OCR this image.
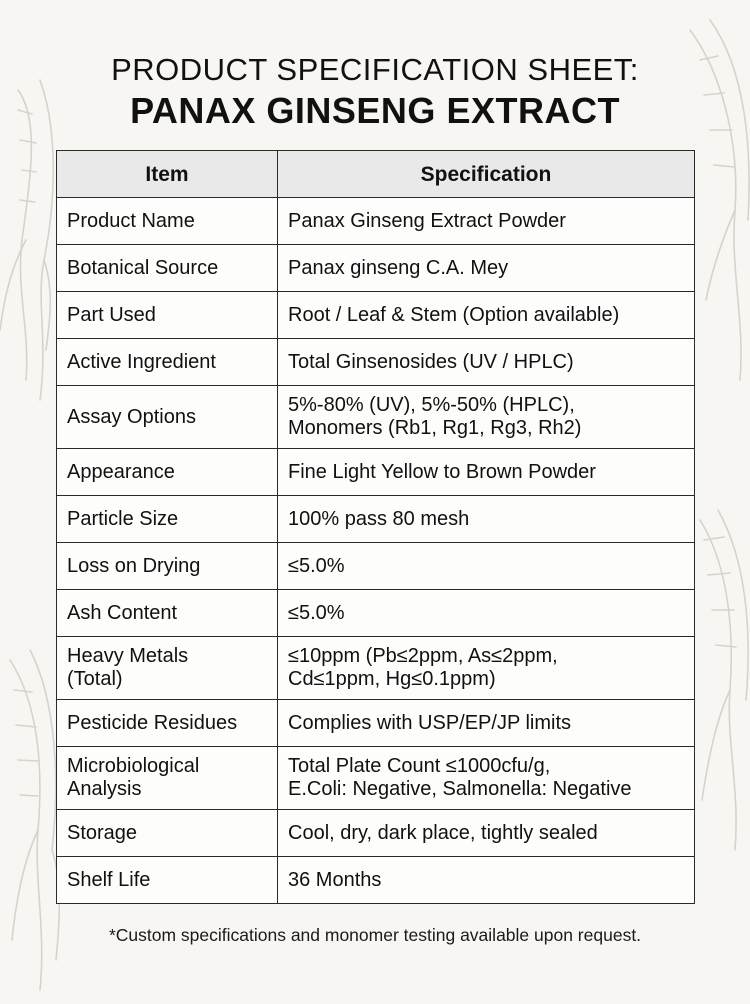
PRODUCT SPECIFICATION SHEET:
PANAX GINSENG EXTRACT
Item	Specification
Product Name	Panax Ginseng Extract Powder
Botanical Source	Panax ginseng C.A. Mey
Part Used	Root / Leaf & Stem (Option available)
Active Ingredient	Total Ginsenosides (UV / HPLC)
Assay Options	5%-80% (UV), 5%-50% (HPLC),
Monomers (Rb1, Rg1, Rg3, Rh2)
Appearance	Fine Light Yellow to Brown Powder
Particle Size	100% pass 80 mesh
Loss on Drying	≤5.0%
Ash Content	≤5.0%
Heavy Metals
(Total)	≤10ppm (Pb≤2ppm, As≤2ppm,
Cd≤1ppm, Hg≤0.1ppm)
Pesticide Residues	Complies with USP/EP/JP limits
Microbiological
Analysis	Total Plate Count ≤1000cfu/g,
E.Coli: Negative, Salmonella: Negative
Storage	Cool, dry, dark place, tightly sealed
Shelf Life	36 Months
*Custom specifications and monomer testing available upon request.
